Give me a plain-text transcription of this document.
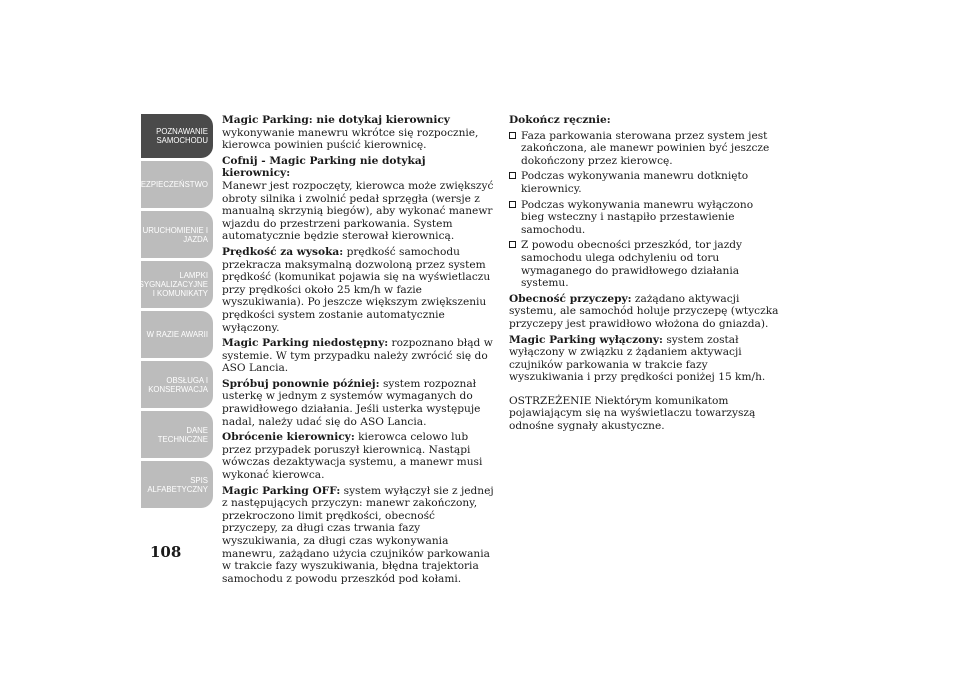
POZNAWANIE
SAMOCHODU
BEZPIECZEŃSTWO
URUCHOMIENIE I
JAZDA
LAMPKI
SYGNALIZACYJNE
I KOMUNIKATY
W RAZIE AWARII
OBSŁUGA I
KONSERWACJA
DANE
TECHNICZNE
SPIS
ALFABETYCZNY
108

Magic Parking: nie dotykaj kierownicy
wykonywanie manewru wkrótce się rozpocznie, kierowca powinien puścić kierownicę.

Cofnij - Magic Parking nie dotykaj kierownicy:
Manewr jest rozpoczęty, kierowca może zwiększyć obroty silnika i zwolnić pedał sprzęgła (wersje z manualną skrzynią biegów), aby wykonać manewr wjazdu do przestrzeni parkowania. System automatycznie będzie sterował kierownicą.

Prędkość za wysoka: prędkość samochodu przekracza maksymalną dozwoloną przez system prędkość (komunikat pojawia się na wyświetlaczu przy prędkości około 25 km/h w fazie wyszukiwania). Po jeszcze większym zwiększeniu prędkości system zostanie automatycznie wyłączony.

Magic Parking niedostępny: rozpoznano błąd w systemie. W tym przypadku należy zwrócić się do ASO Lancia.

Spróbuj ponownie później: system rozpoznał usterkę w jednym z systemów wymaganych do prawidłowego działania. Jeśli usterka występuje nadal, należy udać się do ASO Lancia.

Obrócenie kierownicy: kierowca celowo lub przez przypadek poruszył kierownicą. Nastąpi wówczas dezaktywacja systemu, a manewr musi wykonać kierowca.

Magic Parking OFF: system wyłączył sie z jednej z następujących przyczyn: manewr zakończony, przekroczono limit prędkości, obecność przyczepy, za długi czas trwania fazy wyszukiwania, za długi czas wykonywania manewru, zażądano użycia czujników parkowania w trakcie fazy wyszukiwania, błędna trajektoria samochodu z powodu przeszkód pod kołami.

Dokończ ręcznie:

Faza parkowania sterowana przez system jest zakończona, ale manewr powinien być jeszcze dokończony przez kierowcę.

Podczas wykonywania manewru dotknięto kierownicy.

Podczas wykonywania manewru wyłączono bieg wsteczny i nastąpiło przestawienie samochodu.

Z powodu obecności przeszkód, tor jazdy samochodu ulega odchyleniu od toru wymaganego do prawidłowego działania systemu.

Obecność przyczepy: zażądano aktywacji systemu, ale samochód holuje przyczepę (wtyczka przyczepy jest prawidłowo włożona do gniazda).

Magic Parking wyłączony: system został wyłączony w związku z żądaniem aktywacji czujników parkowania w trakcie fazy wyszukiwania i przy prędkości poniżej 15 km/h.

OSTRZEŻENIE Niektórym komunikatom pojawiającym się na wyświetlaczu towarzyszą odnośne sygnały akustyczne.
